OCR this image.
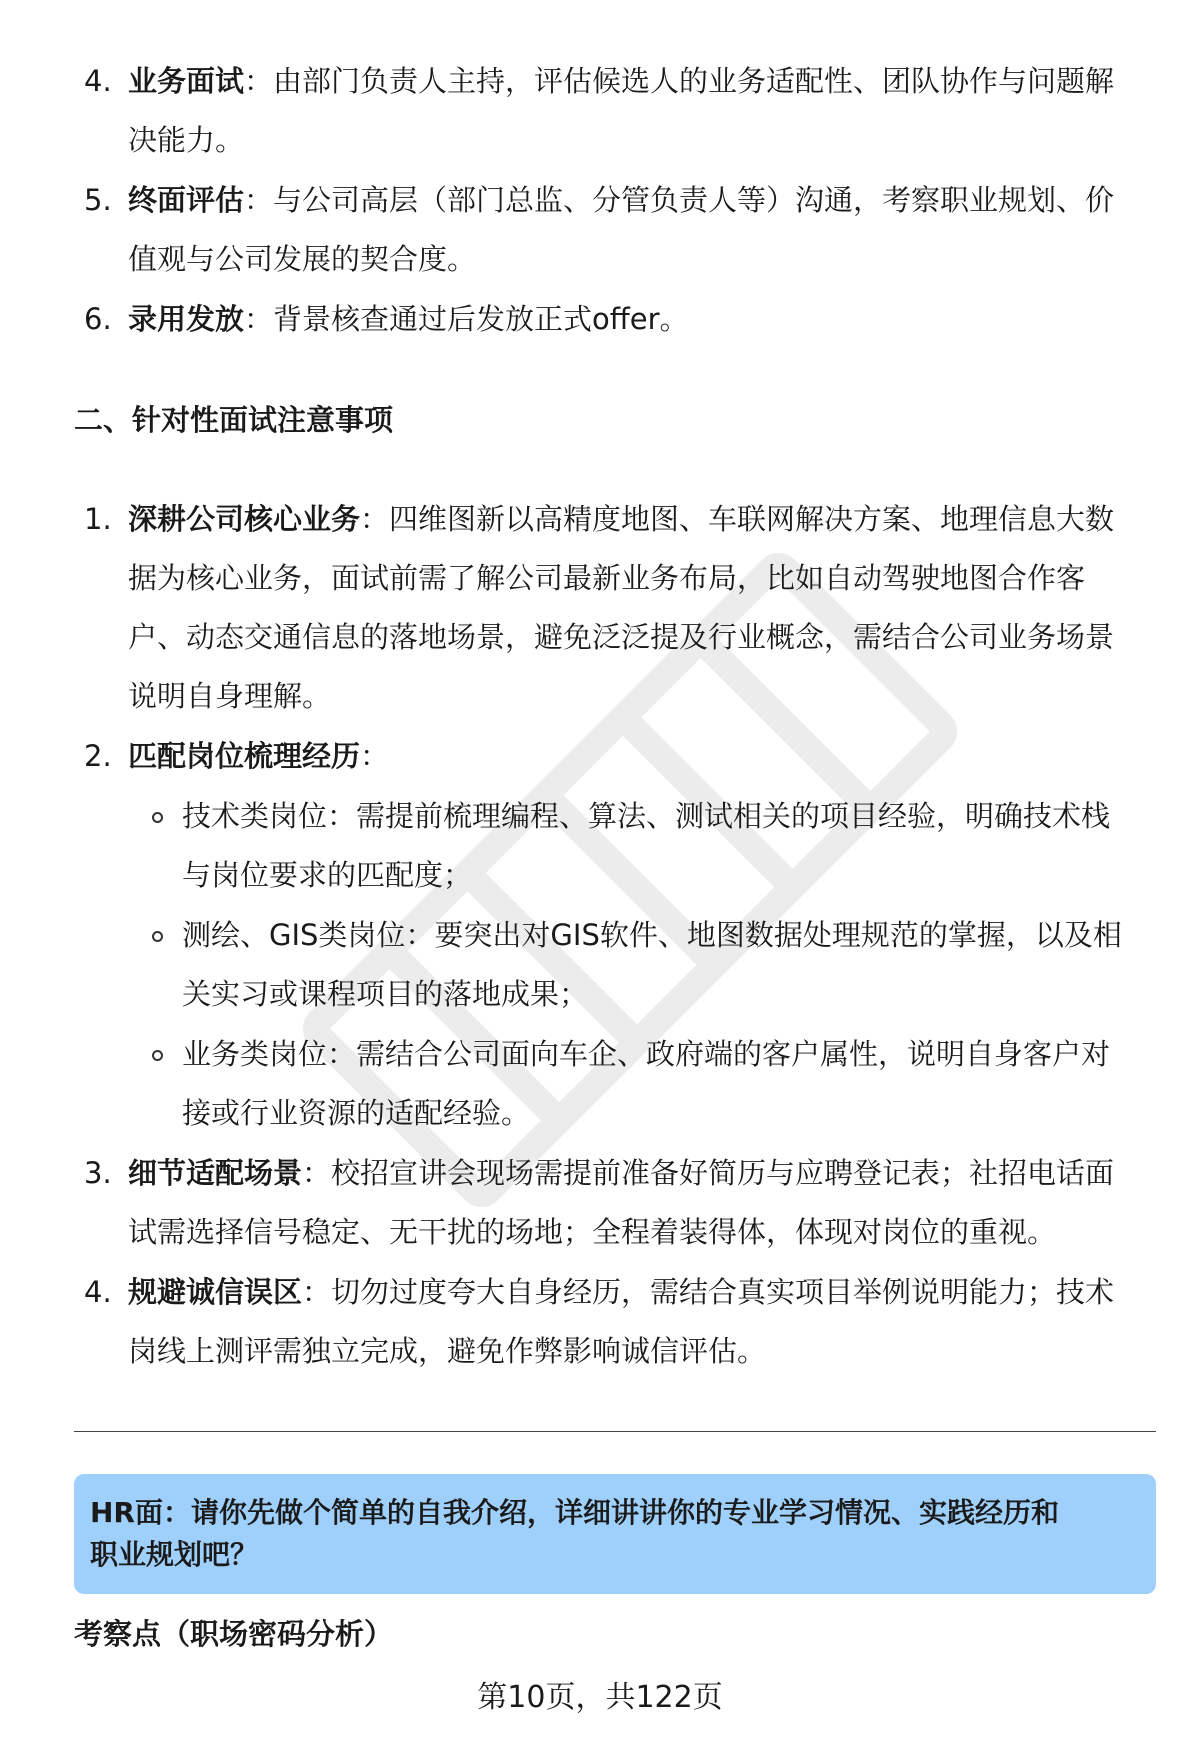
4. 业务面试：由部门负责人主持，评估候选人的业务适配性、团队协作与问题解
决能力。
5. 终面评估：与公司高层（部门总监、分管负责人等）沟通，考察职业规划、价
值观与公司发展的契合度。
6. 录用发放：背景核查通过后发放正式offer。
二、针对性面试注意事项
1. 深耕公司核心业务：四维图新以高精度地图、车联网解决方案、地理信息大数
据为核心业务，面试前需了解公司最新业务布局，比如自动驾驶地图合作客
户、动态交通信息的落地场景，避免泛泛提及行业概念，需结合公司业务场景
说明自身理解。
2. 匹配岗位梳理经历：
技术类岗位：需提前梳理编程、算法、测试相关的项目经验，明确技术栈
与岗位要求的匹配度；
测绘、GIS类岗位：要突出对GIS软件、地图数据处理规范的掌握，以及相
关实习或课程项目的落地成果；
业务类岗位：需结合公司面向车企、政府端的客户属性，说明自身客户对
接或行业资源的适配经验。
3. 细节适配场景：校招宣讲会现场需提前准备好简历与应聘登记表；社招电话面
试需选择信号稳定、无干扰的场地；全程着装得体，体现对岗位的重视。
4. 规避诚信误区：切勿过度夸大自身经历，需结合真实项目举例说明能力；技术
岗线上测评需独立完成，避免作弊影响诚信评估。
HR面：请你先做个简单的自我介绍，详细讲讲你的专业学习情况、实践经历和
职业规划吧？
考察点（职场密码分析）
第10页，共122页
